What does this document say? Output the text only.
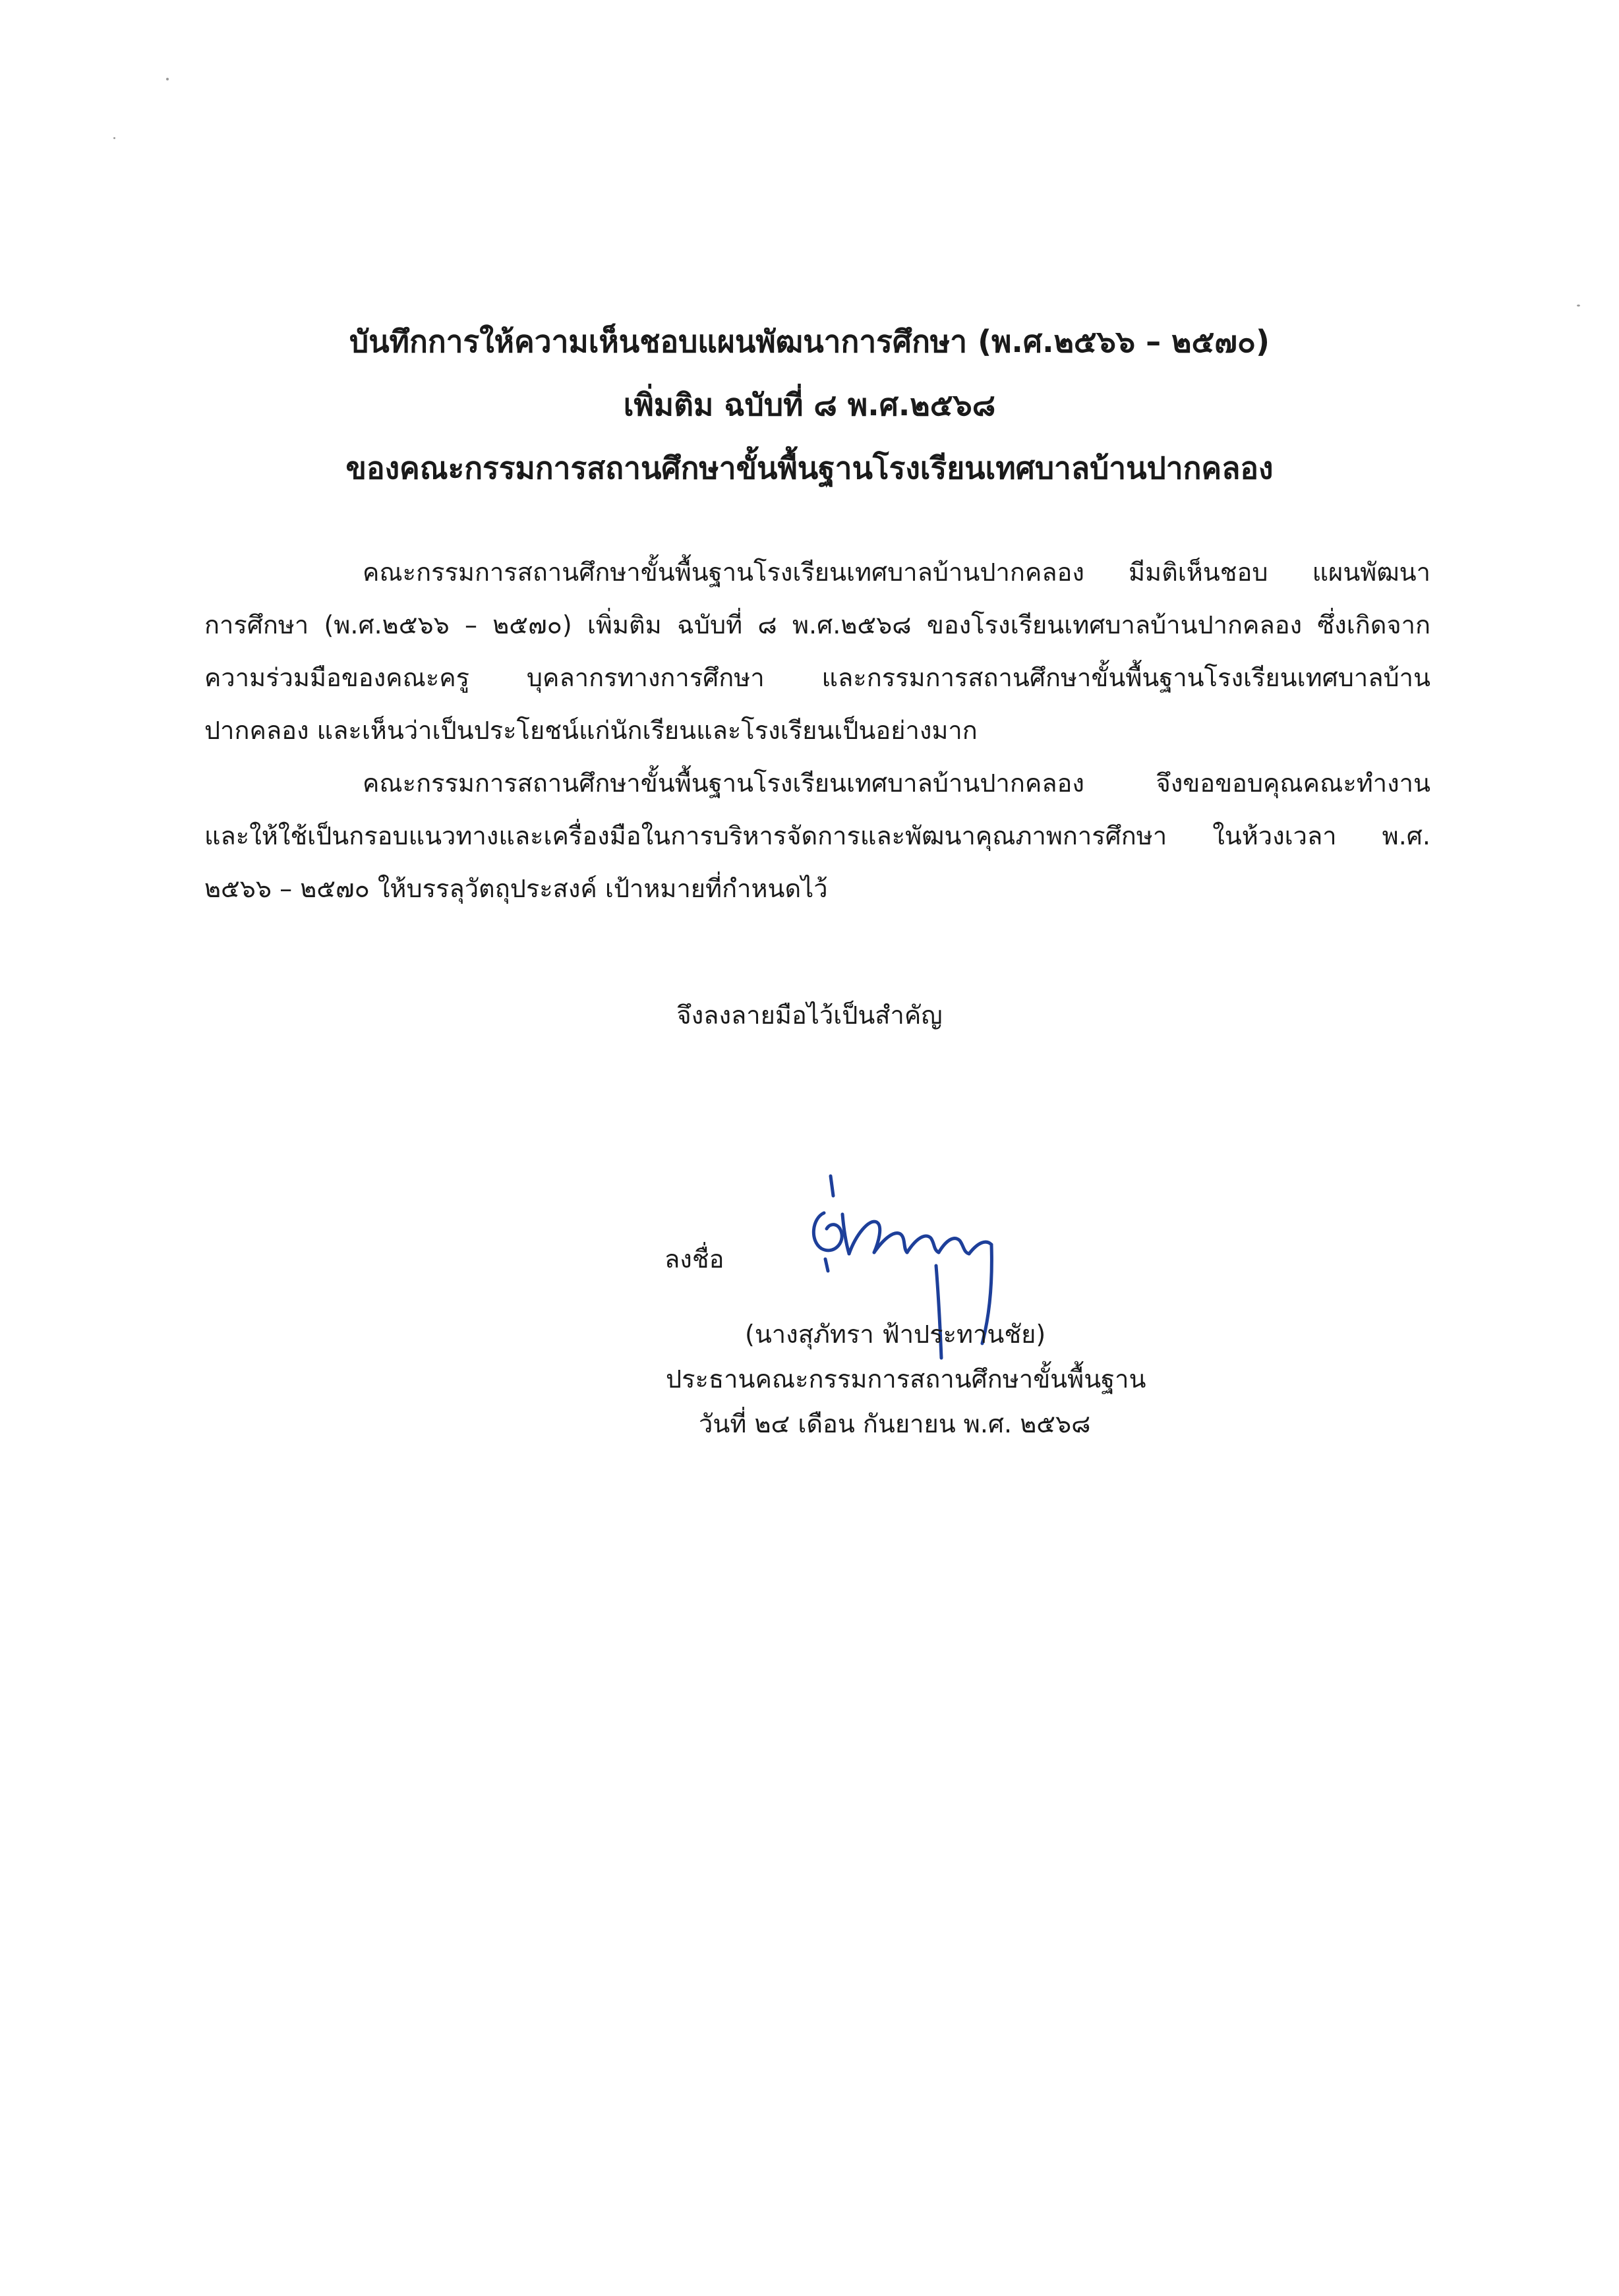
บันทึกการให้ความเห็นชอบแผนพัฒนาการศึกษา (พ.ศ.๒๕๖๖ – ๒๕๗๐)

เพิ่มติม ฉบับที่ ๘ พ.ศ.๒๕๖๘

ของคณะกรรมการสถานศึกษาขั้นพื้นฐานโรงเรียนเทศบาลบ้านปากคลอง

คณะกรรมการสถานศึกษาขั้นพื้นฐานโรงเรียนเทศบาลบ้านปากคลอง มีมติเห็นชอบ แผนพัฒนา

การศึกษา (พ.ศ.๒๕๖๖ – ๒๕๗๐) เพิ่มติม ฉบับที่ ๘ พ.ศ.๒๕๖๘ ของโรงเรียนเทศบาลบ้านปากคลอง ซึ่งเกิดจาก

ความร่วมมือของคณะครู บุคลากรทางการศึกษา และกรรมการสถานศึกษาขั้นพื้นฐานโรงเรียนเทศบาลบ้าน

ปากคลอง และเห็นว่าเป็นประโยชน์แก่นักเรียนและโรงเรียนเป็นอย่างมาก

คณะกรรมการสถานศึกษาขั้นพื้นฐานโรงเรียนเทศบาลบ้านปากคลอง จึงขอขอบคุณคณะทำงาน

และให้ใช้เป็นกรอบแนวทางและเครื่องมือในการบริหารจัดการและพัฒนาคุณภาพการศึกษา ในห้วงเวลา พ.ศ.

๒๕๖๖ – ๒๕๗๐ ให้บรรลุวัตถุประสงค์ เป้าหมายที่กำหนดไว้

จึงลงลายมือไว้เป็นสำคัญ
ลงชื่อ
(นางสุภัทรา ฟ้าประทานชัย)
ประธานคณะกรรมการสถานศึกษาขั้นพื้นฐาน
วันที่ ๒๔ เดือน กันยายน พ.ศ. ๒๕๖๘
